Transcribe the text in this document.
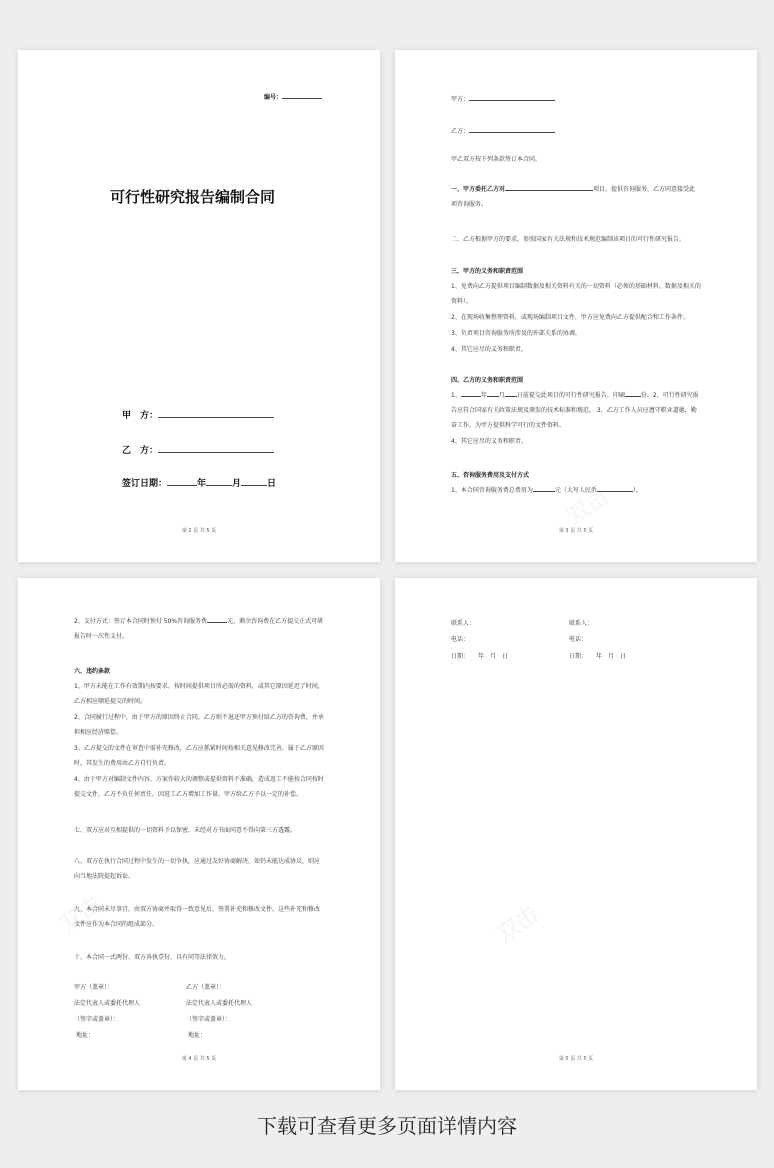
编号：
可行性研究报告编制合同
甲　方：
乙　方：
签订日期：	年	月	日
第 2 页 共 5 页
甲方：
乙方：
甲乙双方按下列条款签订本合同。
一、甲方委托乙方对	项目，提供咨询服务，乙方同意接受此项咨询服务。
二、乙方根据甲方的要求，参照国家有关法规和技术规范编制该项目的可行性研究报告。
三、甲方的义务和职责范围
1、免费向乙方提供项目编制数据及相关资料有关的一切资料（必须的基础材料、数据及相关的资料）。
2、在现场收集整理资料，或现场编制项目文件，甲方应免费向乙方提供配合和工作条件。
3、负责项目咨询服务所涉及的外部关系的协调。
4、其它应尽的义务和职责。
四、乙方的义务和职责范围
1、	年 月 日前提交此项目的可行性研究报告，印刷	份。2、可行性研究报告应符合国家有关政策法规及颁发的技术标准和规范。 3、乙方工作人员应遵守职业道德，勤奋工作，为甲方提供科学可行的文件资料。
4、其它应尽的义务和职责。
五、咨询服务费用及支付方式
1、本合同咨询服务费总费用为	元（大写人民币	）。
第 3 页 共 5 页
2、支付方式：签订本合同时预付 50%咨询服务费	元，剩余咨询费在乙方提交正式可研报告时一次性支付。
六、违约条款
1、甲方未能在工作有效期内按要求、按时间提供项目所必需的资料，或其它原因延迟了时间，乙方相应顺延提交的时间。
2、合同履行过程中，由于甲方的原因终止合同，乙方则不退还甲方预付给乙方的咨询费，并承担相应经济赔偿。
3、乙方提交的文件在审查中需补充修改，乙方应抓紧时间按相关意见修改完善。属于乙方原因时，其发生的费用由乙方自行负责。
4、由于甲方对编制文件内容、方案作较大的调整或提供资料不准确，造成返工不能按合同按时提交文件，乙方不负任何责任。因返工乙方增加工作量，甲方给乙方予以一定的补偿。
七、双方应对互相提供的一切资料予以保密，未经对方书面同意不得向第三方透露。
八、双方在执行合同过程中发生的一切争执，应通过友好协商解决，如仍未能达成协议，则应向当地法院提起诉讼。
九、本合同未尽事宜，由双方协商并取得一致意见后，签署补充和修改文件。这些补充和修改文件应作为本合同的组成部分。
十、本合同一式两份，双方各执壹份，具有同等法律效力。
甲方（盖章）：	乙方（盖章）：
法定代表人或委托代理人	法定代表人或委托代理人
（签字或盖章）：	（签字或盖章）：
地址：	地址：
第 4 页 共 5 页
联系人：	联系人：
电话：	电话：
日期：　　 年　月　日	日期：　　 年　月　日
第 5 页 共 5 页
下载可查看更多页面详情内容
